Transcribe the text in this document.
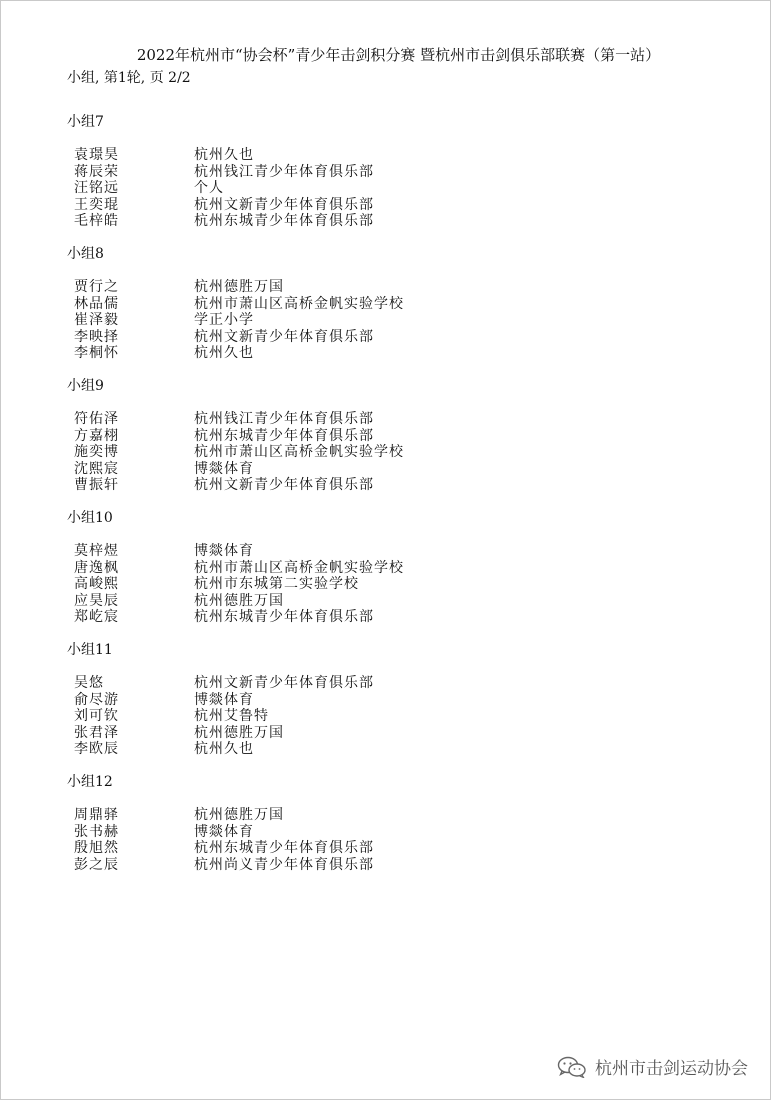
2022年杭州市“协会杯”青少年击剑积分赛 暨杭州市击剑俱乐部联赛（第一站）
小组, 第1轮, 页 2/2
小组7
袁璟昊	杭州久也
蒋辰荣	杭州钱江青少年体育俱乐部
汪铭远	个人
王奕琨	杭州文新青少年体育俱乐部
毛梓皓	杭州东城青少年体育俱乐部
小组8
贾行之	杭州德胜万国
林品儒	杭州市萧山区高桥金帆实验学校
崔泽毅	学正小学
李映择	杭州文新青少年体育俱乐部
李桐怀	杭州久也
小组9
符佑泽	杭州钱江青少年体育俱乐部
方嘉栩	杭州东城青少年体育俱乐部
施奕博	杭州市萧山区高桥金帆实验学校
沈熙宸	博燚体育
曹振轩	杭州文新青少年体育俱乐部
小组10
莫梓煜	博燚体育
唐逸枫	杭州市萧山区高桥金帆实验学校
高峻熙	杭州市东城第二实验学校
应昊辰	杭州德胜万国
郑屹宸	杭州东城青少年体育俱乐部
小组11
吴悠	杭州文新青少年体育俱乐部
俞尽游	博燚体育
刘可钦	杭州艾鲁特
张君泽	杭州德胜万国
李欧辰	杭州久也
小组12
周鼎驿	杭州德胜万国
张书赫	博燚体育
殷旭然	杭州东城青少年体育俱乐部
彭之辰	杭州尚义青少年体育俱乐部
杭州市击剑运动协会
